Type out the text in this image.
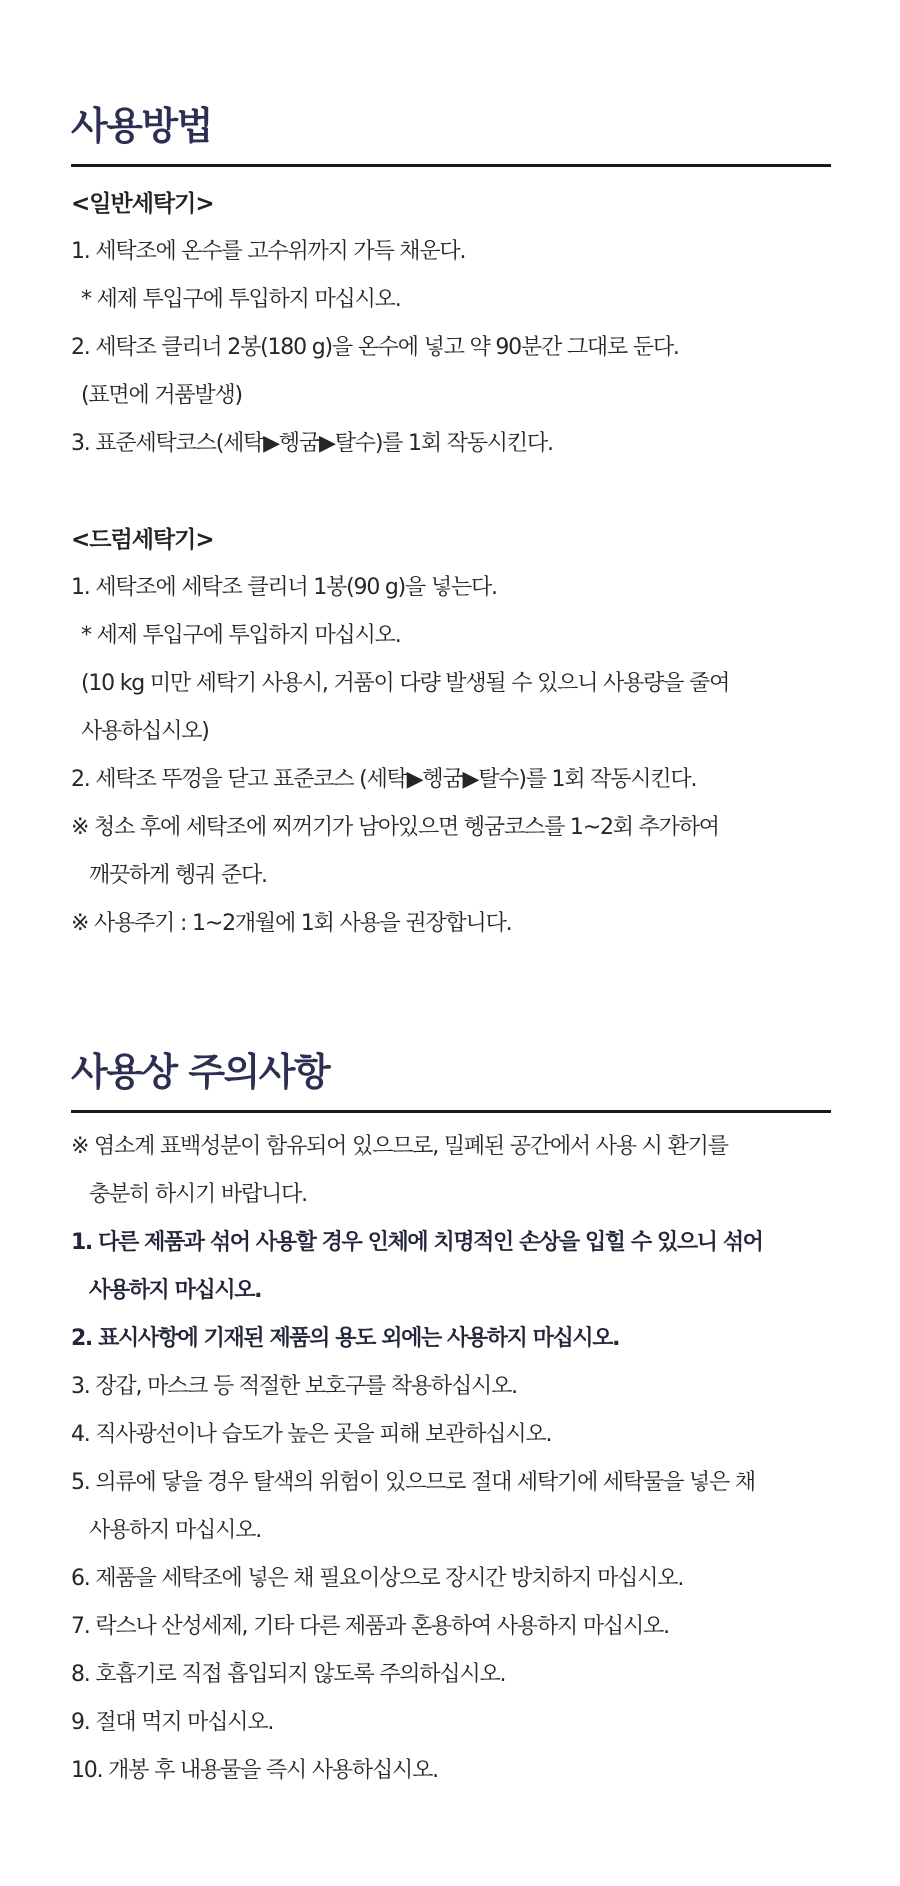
사용방법
<일반세탁기>
1. 세탁조에 온수를 고수위까지 가득 채운다.
* 세제 투입구에 투입하지 마십시오.
2. 세탁조 클리너 2봉(180 g)을 온수에 넣고 약 90분간 그대로 둔다.
(표면에 거품발생)
3. 표준세탁코스(세탁▶헹굼▶탈수)를 1회 작동시킨다.
<드럼세탁기>
1. 세탁조에 세탁조 클리너 1봉(90 g)을 넣는다.
* 세제 투입구에 투입하지 마십시오.
(10 kg 미만 세탁기 사용시, 거품이 다량 발생될 수 있으니 사용량을 줄여
사용하십시오)
2. 세탁조 뚜껑을 닫고 표준코스 (세탁▶헹굼▶탈수)를 1회 작동시킨다.
※ 청소 후에 세탁조에 찌꺼기가 남아있으면 헹굼코스를 1~2회 추가하여
깨끗하게 헹궈 준다.
※ 사용주기 : 1~2개월에 1회 사용을 권장합니다.
사용상 주의사항
※ 염소계 표백성분이 함유되어 있으므로, 밀폐된 공간에서 사용 시 환기를
충분히 하시기 바랍니다.
1. 다른 제품과 섞어 사용할 경우 인체에 치명적인 손상을 입힐 수 있으니 섞어
사용하지 마십시오.
2. 표시사항에 기재된 제품의 용도 외에는 사용하지 마십시오.
3. 장갑, 마스크 등 적절한 보호구를 착용하십시오.
4. 직사광선이나 습도가 높은 곳을 피해 보관하십시오.
5. 의류에 닿을 경우 탈색의 위험이 있으므로 절대 세탁기에 세탁물을 넣은 채
사용하지 마십시오.
6. 제품을 세탁조에 넣은 채 필요이상으로 장시간 방치하지 마십시오.
7. 락스나 산성세제, 기타 다른 제품과 혼용하여 사용하지 마십시오.
8. 호흡기로 직접 흡입되지 않도록 주의하십시오.
9. 절대 먹지 마십시오.
10. 개봉 후 내용물을 즉시 사용하십시오.
